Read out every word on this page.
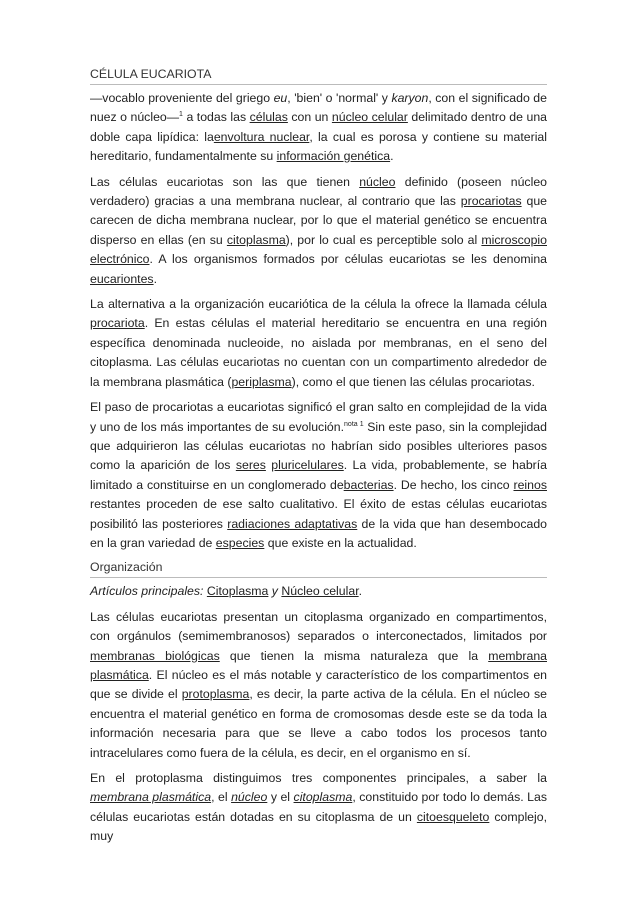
CÉLULA EUCARIOTA

—vocablo proveniente del griego eu, 'bien' o 'normal' y karyon, con el significado de nuez o núcleo—$^1$ a todas las células con un núcleo celular delimitado dentro de una doble capa lipídica: laenvoltura nuclear, la cual es porosa y contiene su material hereditario, fundamentalmente su información genética.

Las células eucariotas son las que tienen núcleo definido (poseen núcleo verdadero) gracias a una membrana nuclear, al contrario que las procariotas que carecen de dicha membrana nuclear, por lo que el material genético se encuentra disperso en ellas (en su citoplasma), por lo cual es perceptible solo al microscopio electrónico. A los organismos formados por células eucariotas se les denomina eucariontes.

La alternativa a la organización eucariótica de la célula la ofrece la llamada célula procariota. En estas células el material hereditario se encuentra en una región específica denominada nucleoide, no aislada por membranas, en el seno del citoplasma. Las células eucariotas no cuentan con un compartimento alrededor de la membrana plasmática (periplasma), como el que tienen las células procariotas.

El paso de procariotas a eucariotas significó el gran salto en complejidad de la vida y uno de los más importantes de su evolución.$^{nota 1}$ Sin este paso, sin la complejidad que adquirieron las células eucariotas no habrían sido posibles ulteriores pasos como la aparición de los seres pluricelulares. La vida, probablemente, se habría limitado a constituirse en un conglomerado debacterias. De hecho, los cinco reinos restantes proceden de ese salto cualitativo. El éxito de estas células eucariotas posibilitó las posteriores radiaciones adaptativas de la vida que han desembocado en la gran variedad de especies que existe en la actualidad.

Organización

Artículos principales: Citoplasma y Núcleo celular.

Las células eucariotas presentan un citoplasma organizado en compartimentos, con orgánulos (semimembranosos) separados o interconectados, limitados por membranas biológicas que tienen la misma naturaleza que la membrana plasmática. El núcleo es el más notable y característico de los compartimentos en que se divide el protoplasma, es decir, la parte activa de la célula. En el núcleo se encuentra el material genético en forma de cromosomas desde este se da toda la información necesaria para que se lleve a cabo todos los procesos tanto intracelulares como fuera de la célula, es decir, en el organismo en sí.

En el protoplasma distinguimos tres componentes principales, a saber la membrana plasmática, el núcleo y el citoplasma, constituido por todo lo demás. Las células eucariotas están dotadas en su citoplasma de un citoesqueleto complejo, muy
